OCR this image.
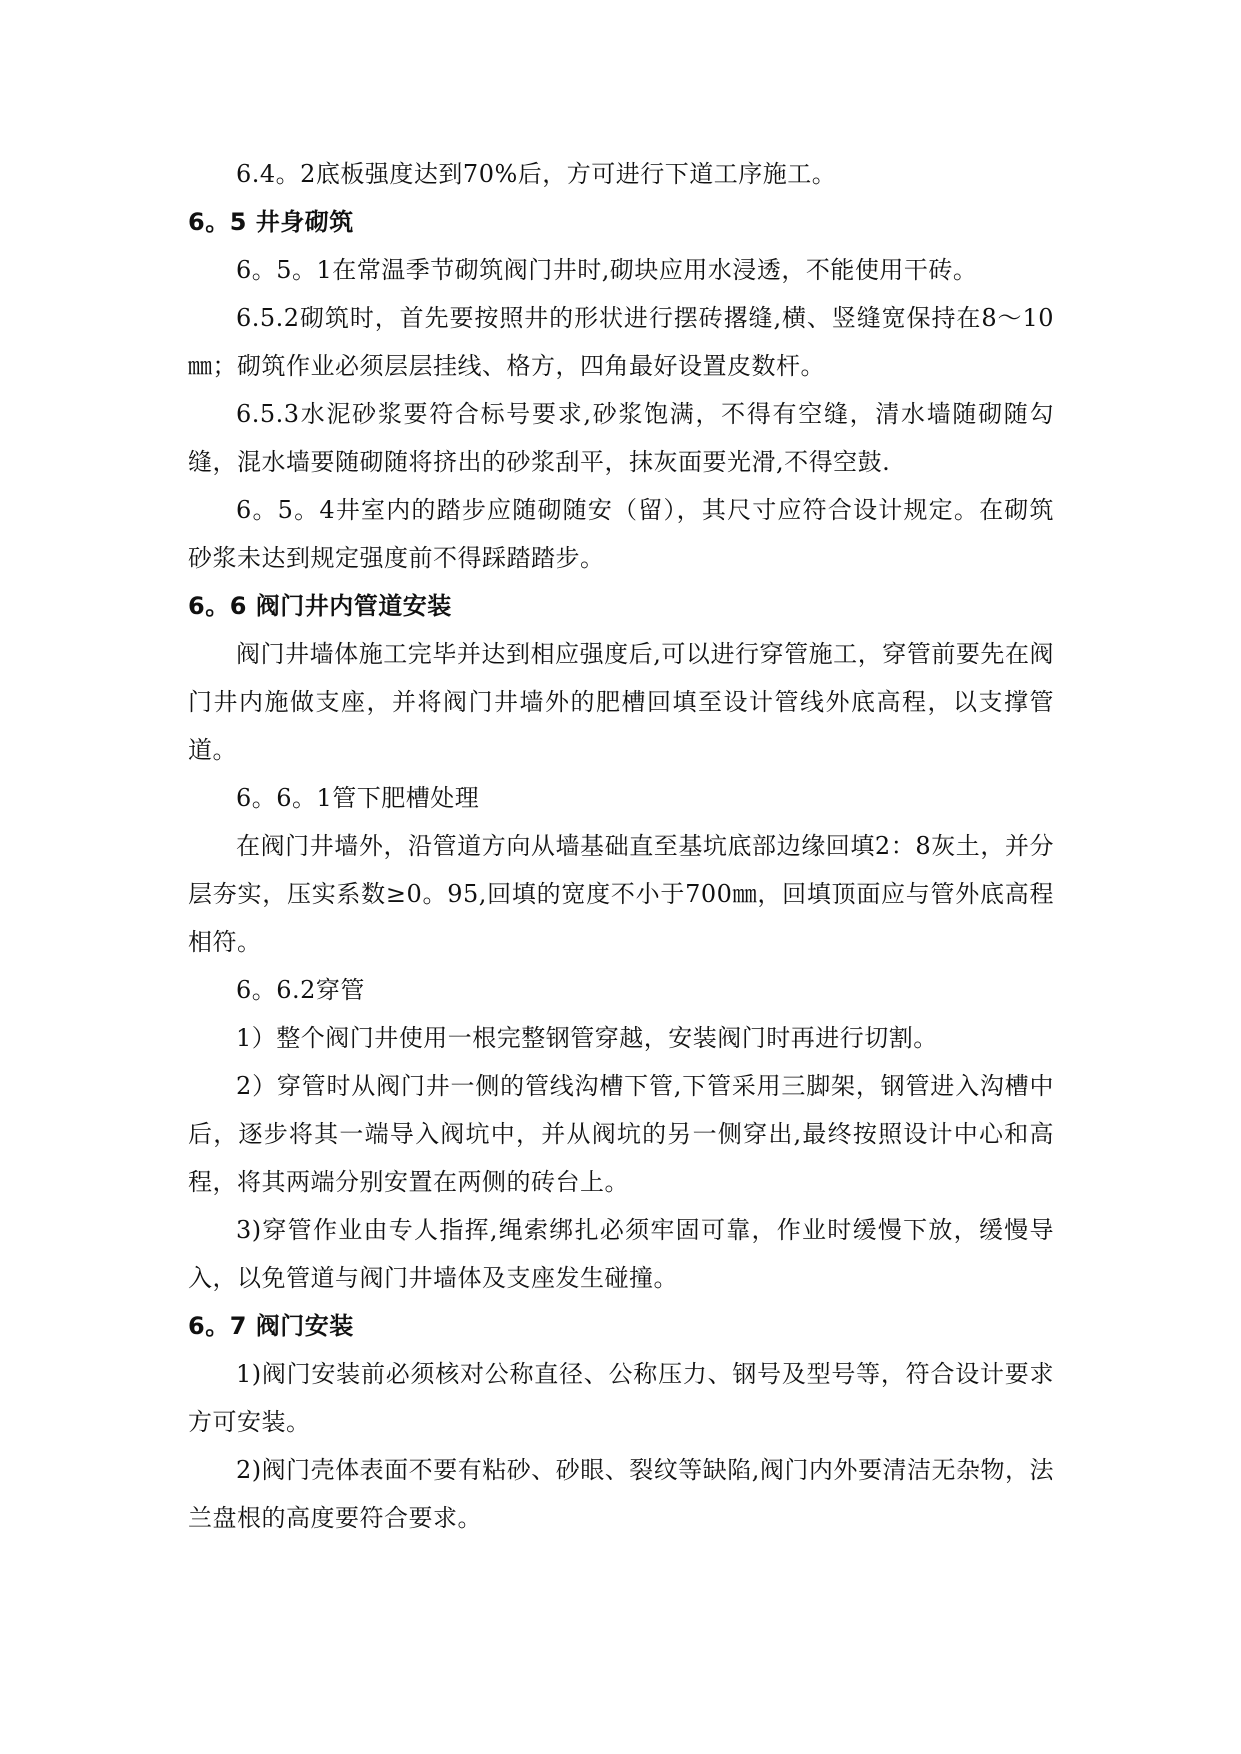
6.4。2底板强度达到70%后，方可进行下道工序施工。

6。5 井身砌筑

6。5。1在常温季节砌筑阀门井时,砌块应用水浸透，不能使用干砖。

6.5.2砌筑时，首先要按照井的形状进行摆砖撂缝,横、竖缝宽保持在8～10㎜；砌筑作业必须层层挂线、格方，四角最好设置皮数杆。

6.5.3水泥砂浆要符合标号要求,砂浆饱满，不得有空缝，清水墙随砌随勾缝，混水墙要随砌随将挤出的砂浆刮平，抹灰面要光滑,不得空鼓.

6。5。4井室内的踏步应随砌随安（留），其尺寸应符合设计规定。在砌筑砂浆未达到规定强度前不得踩踏踏步。

6。6 阀门井内管道安装

阀门井墙体施工完毕并达到相应强度后,可以进行穿管施工，穿管前要先在阀门井内施做支座，并将阀门井墙外的肥槽回填至设计管线外底高程，以支撑管道。

6。6。1管下肥槽处理

在阀门井墙外，沿管道方向从墙基础直至基坑底部边缘回填2：8灰土，并分层夯实，压实系数≥0。95,回填的宽度不小于700㎜，回填顶面应与管外底高程相符。

6。6.2穿管

1）整个阀门井使用一根完整钢管穿越，安装阀门时再进行切割。

2）穿管时从阀门井一侧的管线沟槽下管,下管采用三脚架，钢管进入沟槽中后，逐步将其一端导入阀坑中，并从阀坑的另一侧穿出,最终按照设计中心和高程，将其两端分别安置在两侧的砖台上。

3)穿管作业由专人指挥,绳索绑扎必须牢固可靠，作业时缓慢下放，缓慢导入，以免管道与阀门井墙体及支座发生碰撞。

6。7 阀门安装

1)阀门安装前必须核对公称直径、公称压力、钢号及型号等，符合设计要求方可安装。

2)阀门壳体表面不要有粘砂、砂眼、裂纹等缺陷,阀门内外要清洁无杂物，法兰盘根的高度要符合要求。
